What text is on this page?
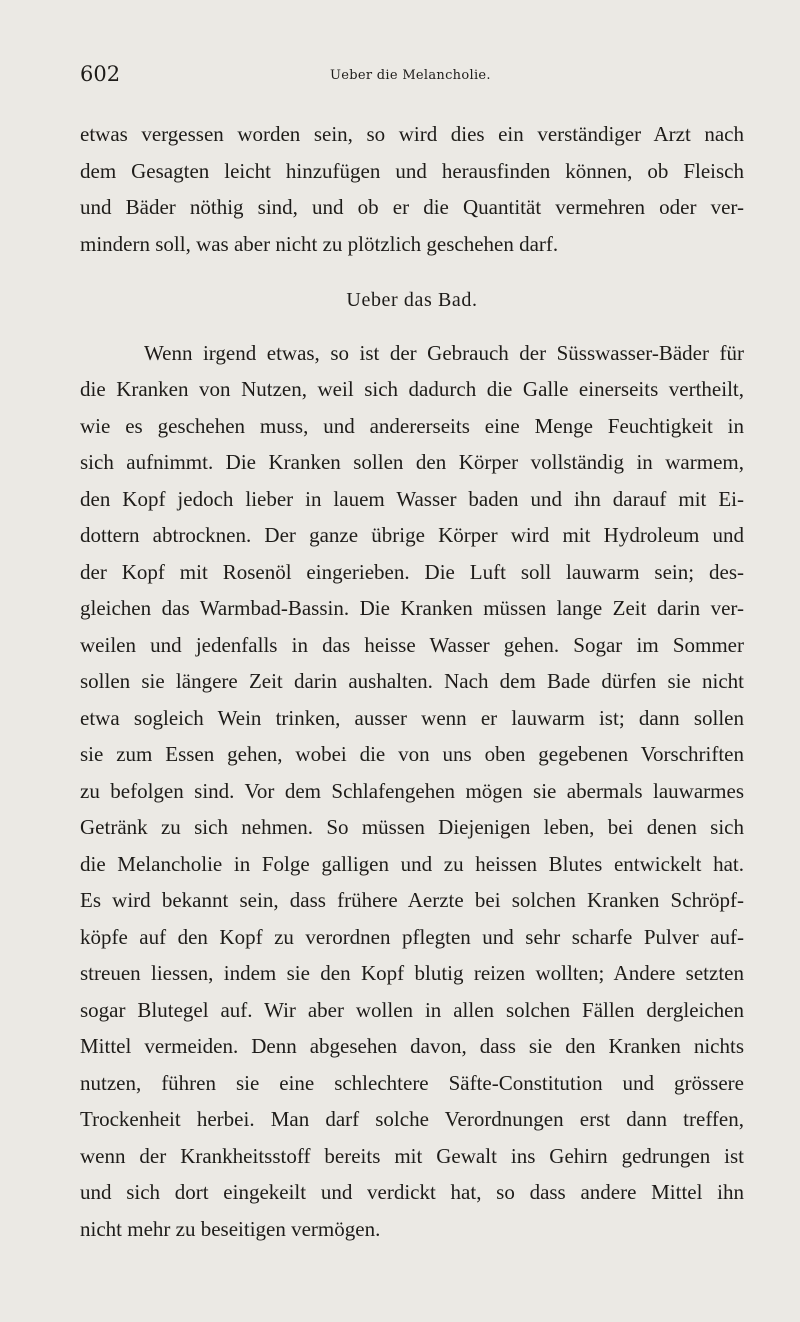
602	Ueber die Melancholie.
etwas vergessen worden sein, so wird dies ein verständiger Arzt nach
dem Gesagten leicht hinzufügen und herausfinden können, ob Fleisch
und Bäder nöthig sind, und ob er die Quantität vermehren oder ver-
mindern soll, was aber nicht zu plötzlich geschehen darf.
Ueber das Bad.
Wenn irgend etwas, so ist der Gebrauch der Süsswasser-Bäder für
die Kranken von Nutzen, weil sich dadurch die Galle einerseits vertheilt,
wie es geschehen muss, und andererseits eine Menge Feuchtigkeit in
sich aufnimmt. Die Kranken sollen den Körper vollständig in warmem,
den Kopf jedoch lieber in lauem Wasser baden und ihn darauf mit Ei-
dottern abtrocknen. Der ganze übrige Körper wird mit Hydroleum und
der Kopf mit Rosenöl eingerieben. Die Luft soll lauwarm sein; des-
gleichen das Warmbad-Bassin. Die Kranken müssen lange Zeit darin ver-
weilen und jedenfalls in das heisse Wasser gehen. Sogar im Sommer
sollen sie längere Zeit darin aushalten. Nach dem Bade dürfen sie nicht
etwa sogleich Wein trinken, ausser wenn er lauwarm ist; dann sollen
sie zum Essen gehen, wobei die von uns oben gegebenen Vorschriften
zu befolgen sind. Vor dem Schlafengehen mögen sie abermals lauwarmes
Getränk zu sich nehmen. So müssen Diejenigen leben, bei denen sich
die Melancholie in Folge galligen und zu heissen Blutes entwickelt hat.
Es wird bekannt sein, dass frühere Aerzte bei solchen Kranken Schröpf-
köpfe auf den Kopf zu verordnen pflegten und sehr scharfe Pulver auf-
streuen liessen, indem sie den Kopf blutig reizen wollten; Andere setzten
sogar Blutegel auf. Wir aber wollen in allen solchen Fällen dergleichen
Mittel vermeiden. Denn abgesehen davon, dass sie den Kranken nichts
nutzen, führen sie eine schlechtere Säfte-Constitution und grössere
Trockenheit herbei. Man darf solche Verordnungen erst dann treffen,
wenn der Krankheitsstoff bereits mit Gewalt ins Gehirn gedrungen ist
und sich dort eingekeilt und verdickt hat, so dass andere Mittel ihn
nicht mehr zu beseitigen vermögen.
